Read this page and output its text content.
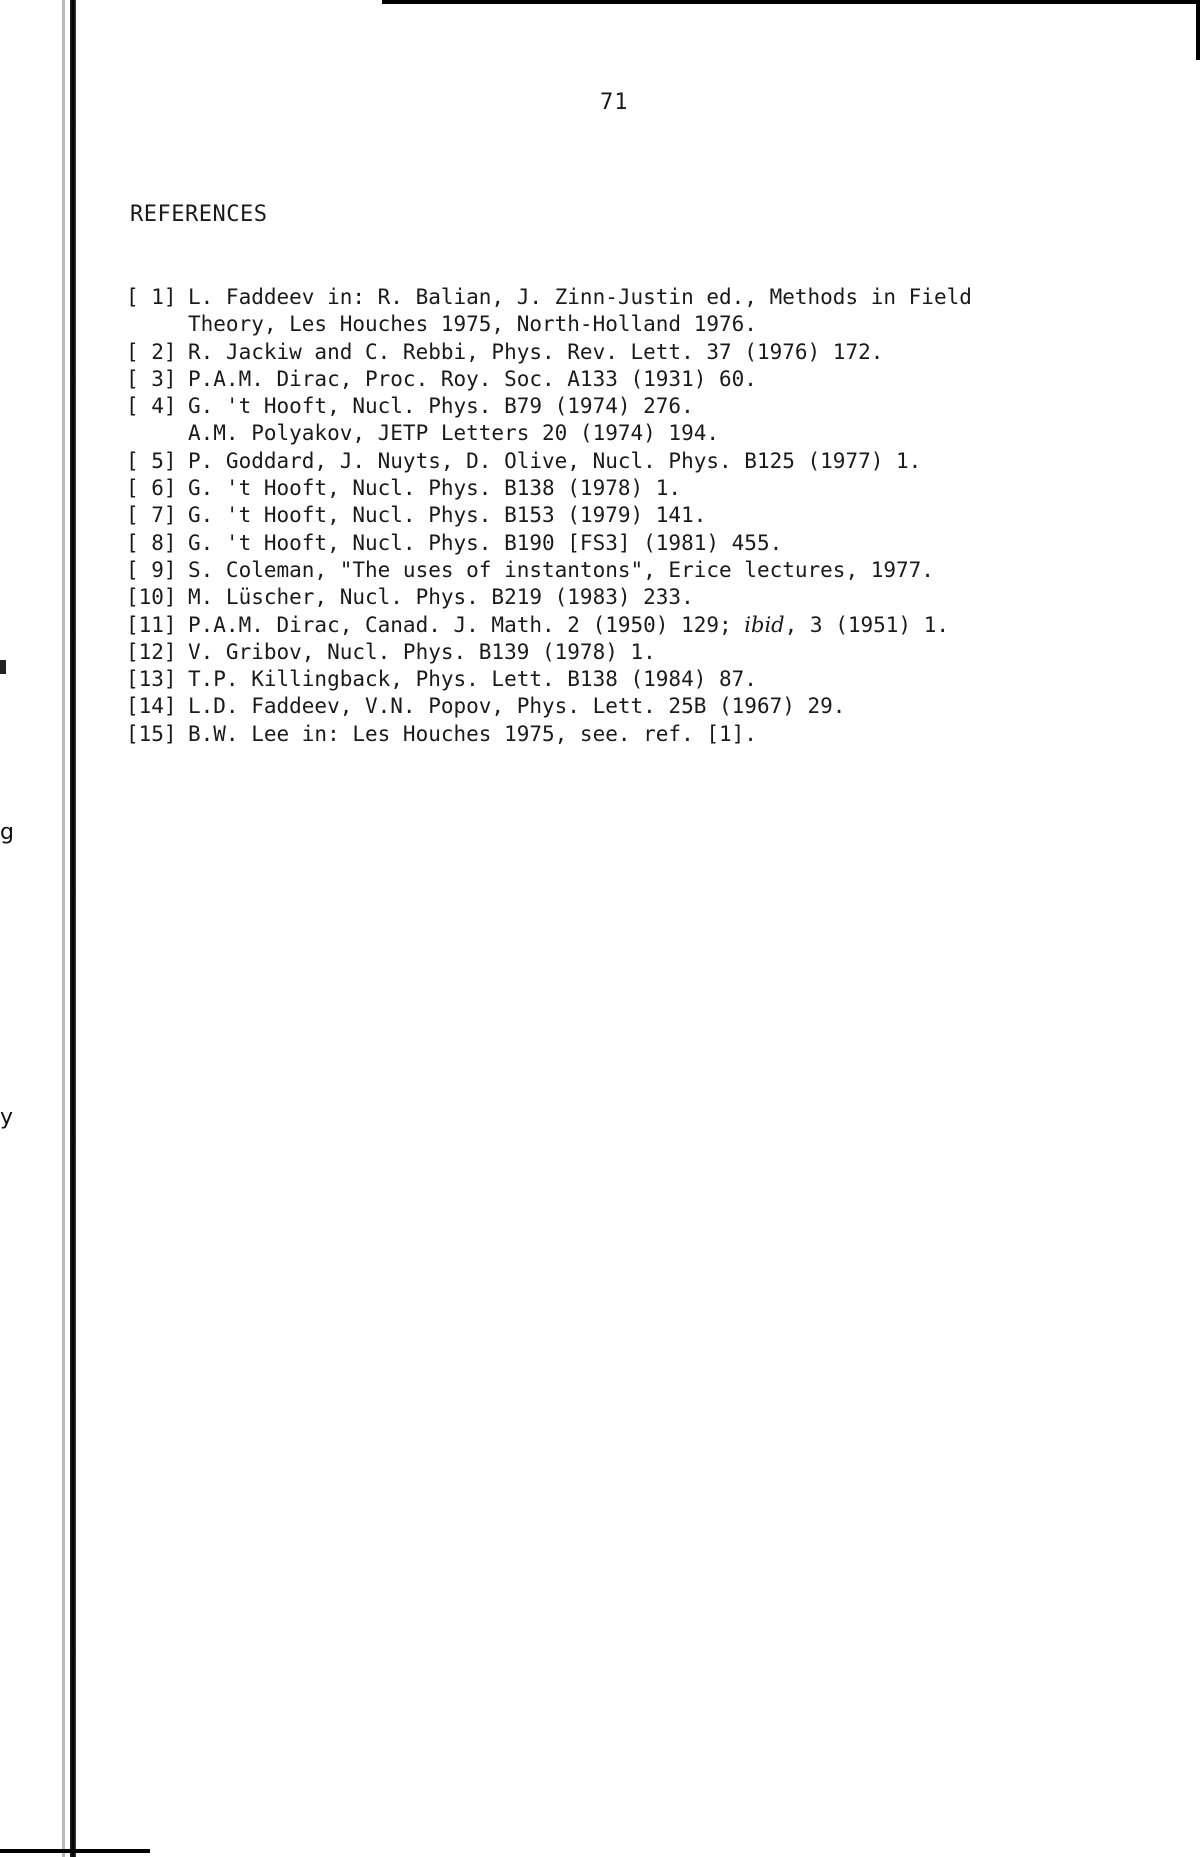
g
y
71
REFERENCES
[ 1] L. Faddeev in: R. Balian, J. Zinn-Justin ed., Methods in Field
Theory, Les Houches 1975, North-Holland 1976.
[ 2] R. Jackiw and C. Rebbi, Phys. Rev. Lett. 37 (1976) 172.
[ 3] P.A.M. Dirac, Proc. Roy. Soc. A133 (1931) 60.
[ 4] G. 't Hooft, Nucl. Phys. B79 (1974) 276.
A.M. Polyakov, JETP Letters 20 (1974) 194.
[ 5] P. Goddard, J. Nuyts, D. Olive, Nucl. Phys. B125 (1977) 1.
[ 6] G. 't Hooft, Nucl. Phys. B138 (1978) 1.
[ 7] G. 't Hooft, Nucl. Phys. B153 (1979) 141.
[ 8] G. 't Hooft, Nucl. Phys. B190 [FS3] (1981) 455.
[ 9] S. Coleman, "The uses of instantons", Erice lectures, 1977.
[10] M. Lüscher, Nucl. Phys. B219 (1983) 233.
[11] P.A.M. Dirac, Canad. J. Math. 2 (1950) 129; ibid, 3 (1951) 1.
[12] V. Gribov, Nucl. Phys. B139 (1978) 1.
[13] T.P. Killingback, Phys. Lett. B138 (1984) 87.
[14] L.D. Faddeev, V.N. Popov, Phys. Lett. 25B (1967) 29.
[15] B.W. Lee in: Les Houches 1975, see. ref. [1].
